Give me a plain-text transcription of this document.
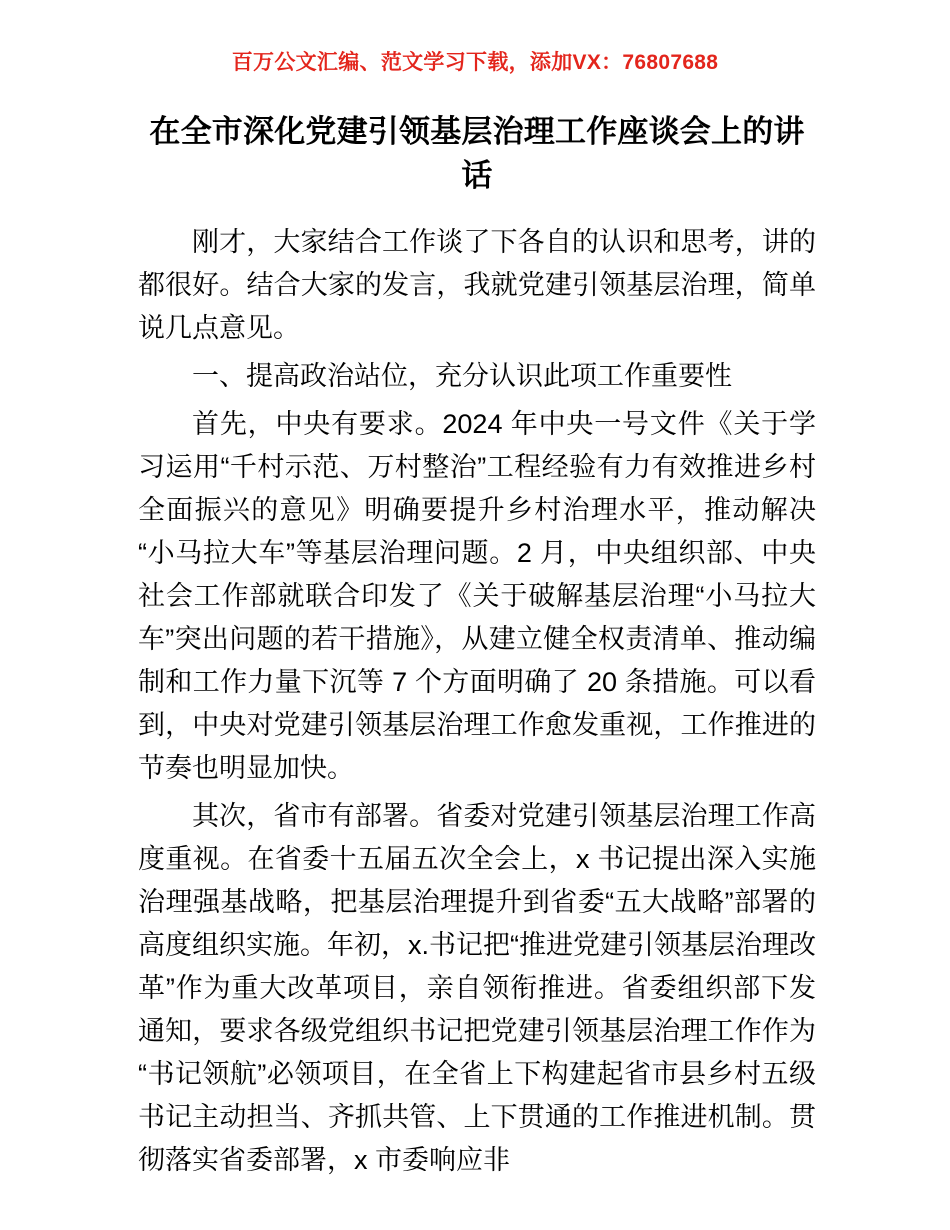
百万公文汇编、范文学习下载，添加VX：76807688
在全市深化党建引领基层治理工作座谈会上的讲话

刚才，大家结合工作谈了下各自的认识和思考，讲的都很好。结合大家的发言，我就党建引领基层治理，简单说几点意见。

一、提高政治站位，充分认识此项工作重要性

首先，中央有要求。2024 年中央一号文件《关于学习运用“千村示范、万村整治”工程经验有力有效推进乡村全面振兴的意见》明确要提升乡村治理水平，推动解决“小马拉大车”等基层治理问题。2 月，中央组织部、中央社会工作部就联合印发了《关于破解基层治理“小马拉大车”突出问题的若干措施》，从建立健全权责清单、推动编制和工作力量下沉等 7 个方面明确了 20 条措施。可以看到，中央对党建引领基层治理工作愈发重视，工作推进的节奏也明显加快。

其次，省市有部署。省委对党建引领基层治理工作高度重视。在省委十五届五次全会上，x 书记提出深入实施治理强基战略，把基层治理提升到省委“五大战略”部署的高度组织实施。年初，x.书记把“推进党建引领基层治理改革”作为重大改革项目，亲自领衔推进。省委组织部下发通知，要求各级党组织书记把党建引领基层治理工作作为“书记领航”必领项目，在全省上下构建起省市县乡村五级书记主动担当、齐抓共管、上下贯通的工作推进机制。贯彻落实省委部署，x 市委响应非
